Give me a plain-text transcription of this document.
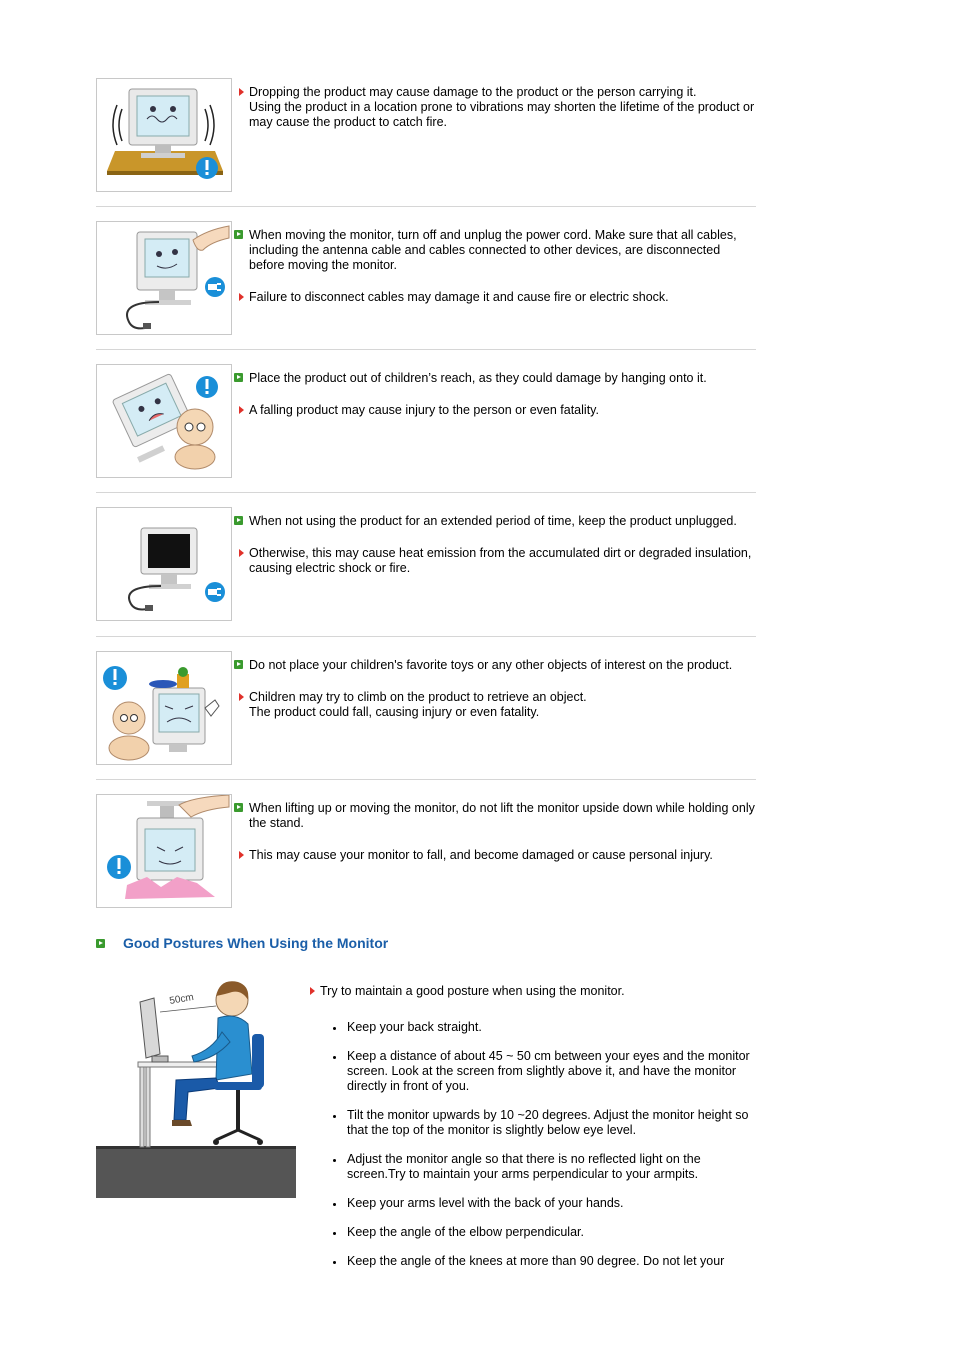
Dropping the product may cause damage to the product or the person carrying it.
Using the product in a location prone to vibrations may shorten the lifetime of the product or may cause the product to catch fire.
When moving the monitor, turn off and unplug the power cord. Make sure that all cables, including the antenna cable and cables connected to other devices, are disconnected before moving the monitor.
Failure to disconnect cables may damage it and cause fire or electric shock.
Place the product out of children’s reach, as they could damage by hanging onto it.
A falling product may cause injury to the person or even fatality.
When not using the product for an extended period of time, keep the product unplugged.
Otherwise, this may cause heat emission from the accumulated dirt or degraded insulation, causing electric shock or fire.
Do not place your children's favorite toys or any other objects of interest on the product.
Children may try to climb on the product to retrieve an object.
The product could fall, causing injury or even fatality.
When lifting up or moving the monitor, do not lift the monitor upside down while holding only the stand.
This may cause your monitor to fall, and become damaged or cause personal injury.
Good Postures When Using the Monitor
50cm
Try to maintain a good posture when using the monitor.
Keep your back straight.
Keep a distance of about 45 ~ 50 cm between your eyes and the monitor screen. Look at the screen from slightly above it, and have the monitor directly in front of you.
Tilt the monitor upwards by 10 ~20 degrees. Adjust the monitor height so that the top of the monitor is slightly below eye level.
Adjust the monitor angle so that there is no reflected light on the screen.Try to maintain your arms perpendicular to your armpits.
Keep your arms level with the back of your hands.
Keep the angle of the elbow perpendicular.
Keep the angle of the knees at more than 90 degree. Do not let your
